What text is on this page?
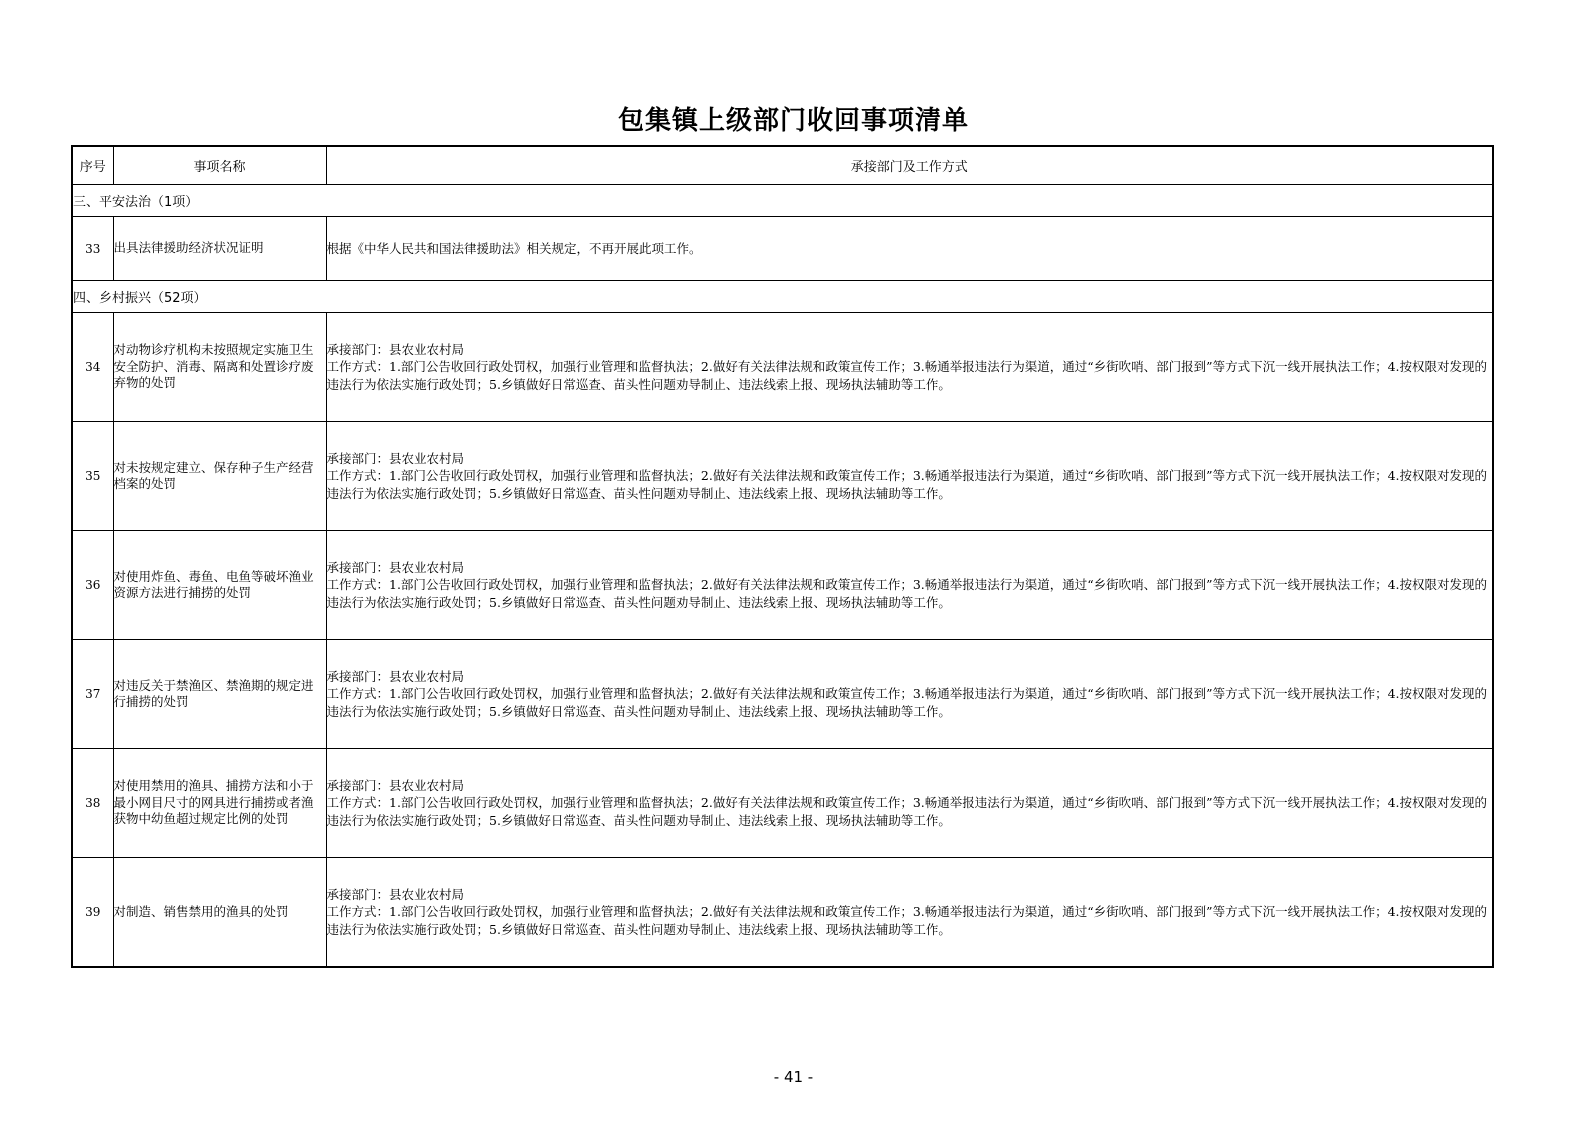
包集镇上级部门收回事项清单
序号	事项名称	承接部门及工作方式
三、平安法治（1项）		
33	出具法律援助经济状况证明	根据《中华人民共和国法律援助法》相关规定，不再开展此项工作。

四、乡村振兴（52项）		
34	对动物诊疗机构未按照规定实施卫生安全防护、消毒、隔离和处置诊疗废弃物的处罚	承接部门：县农业农村局
工作方式：1.部门公告收回行政处罚权，加强行业管理和监督执法；2.做好有关法律法规和政策宣传工作；3.畅通举报违法行为渠道，通过“乡街吹哨、部门报到”等方式下沉一线开展执法工作；4.按权限对发现的违法行为依法实施行政处罚；5.乡镇做好日常巡查、苗头性问题劝导制止、违法线索上报、现场执法辅助等工作。

35	对未按规定建立、保存种子生产经营档案的处罚	承接部门：县农业农村局
工作方式：1.部门公告收回行政处罚权，加强行业管理和监督执法；2.做好有关法律法规和政策宣传工作；3.畅通举报违法行为渠道，通过“乡街吹哨、部门报到”等方式下沉一线开展执法工作；4.按权限对发现的违法行为依法实施行政处罚；5.乡镇做好日常巡查、苗头性问题劝导制止、违法线索上报、现场执法辅助等工作。

36	对使用炸鱼、毒鱼、电鱼等破坏渔业资源方法进行捕捞的处罚	承接部门：县农业农村局
工作方式：1.部门公告收回行政处罚权，加强行业管理和监督执法；2.做好有关法律法规和政策宣传工作；3.畅通举报违法行为渠道，通过“乡街吹哨、部门报到”等方式下沉一线开展执法工作；4.按权限对发现的违法行为依法实施行政处罚；5.乡镇做好日常巡查、苗头性问题劝导制止、违法线索上报、现场执法辅助等工作。

37	对违反关于禁渔区、禁渔期的规定进行捕捞的处罚	承接部门：县农业农村局
工作方式：1.部门公告收回行政处罚权，加强行业管理和监督执法；2.做好有关法律法规和政策宣传工作；3.畅通举报违法行为渠道，通过“乡街吹哨、部门报到”等方式下沉一线开展执法工作；4.按权限对发现的违法行为依法实施行政处罚；5.乡镇做好日常巡查、苗头性问题劝导制止、违法线索上报、现场执法辅助等工作。

38	对使用禁用的渔具、捕捞方法和小于最小网目尺寸的网具进行捕捞或者渔获物中幼鱼超过规定比例的处罚	承接部门：县农业农村局
工作方式：1.部门公告收回行政处罚权，加强行业管理和监督执法；2.做好有关法律法规和政策宣传工作；3.畅通举报违法行为渠道，通过“乡街吹哨、部门报到”等方式下沉一线开展执法工作；4.按权限对发现的违法行为依法实施行政处罚；5.乡镇做好日常巡查、苗头性问题劝导制止、违法线索上报、现场执法辅助等工作。

39	对制造、销售禁用的渔具的处罚	承接部门：县农业农村局
工作方式：1.部门公告收回行政处罚权，加强行业管理和监督执法；2.做好有关法律法规和政策宣传工作；3.畅通举报违法行为渠道，通过“乡街吹哨、部门报到”等方式下沉一线开展执法工作；4.按权限对发现的违法行为依法实施行政处罚；5.乡镇做好日常巡查、苗头性问题劝导制止、违法线索上报、现场执法辅助等工作。
- 41 -
